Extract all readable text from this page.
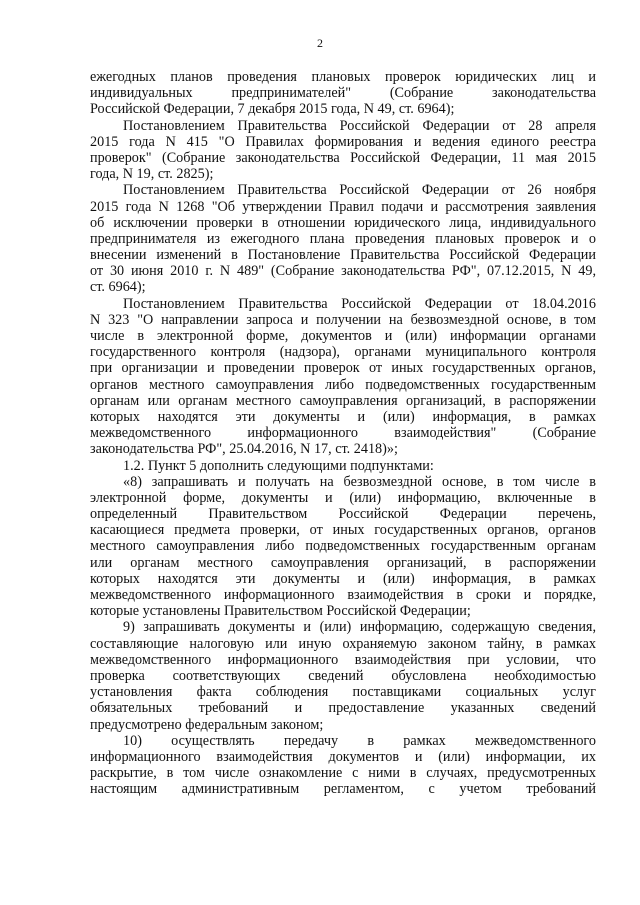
2
ежегодных планов проведения плановых проверок юридических лиц и
индивидуальных предпринимателей" (Собрание законодательства
Российской Федерации, 7 декабря 2015 года, N 49, ст. 6964);
Постановлением Правительства Российской Федерации от 28 апреля
2015 года N 415 "О Правилах формирования и ведения единого реестра
проверок" (Собрание законодательства Российской Федерации, 11 мая 2015
года, N 19, ст. 2825);
Постановлением Правительства Российской Федерации от 26 ноября
2015 года N 1268 "Об утверждении Правил подачи и рассмотрения заявления
об исключении проверки в отношении юридического лица, индивидуального
предпринимателя из ежегодного плана проведения плановых проверок и о
внесении изменений в Постановление Правительства Российской Федерации
от 30 июня 2010 г. N 489" (Собрание законодательства РФ", 07.12.2015, N 49,
ст. 6964);
Постановлением Правительства Российской Федерации от 18.04.2016
N 323 "О направлении запроса и получении на безвозмездной основе, в том
числе в электронной форме, документов и (или) информации органами
государственного контроля (надзора), органами муниципального контроля
при организации и проведении проверок от иных государственных органов,
органов местного самоуправления либо подведомственных государственным
органам или органам местного самоуправления организаций, в распоряжении
которых находятся эти документы и (или) информация, в рамках
межведомственного информационного взаимодействия" (Собрание
законодательства РФ", 25.04.2016, N 17, ст. 2418)»;
1.2. Пункт 5 дополнить следующими подпунктами:
«8) запрашивать и получать на безвозмездной основе, в том числе в
электронной форме, документы и (или) информацию, включенные в
определенный Правительством Российской Федерации перечень,
касающиеся предмета проверки, от иных государственных органов, органов
местного самоуправления либо подведомственных государственным органам
или органам местного самоуправления организаций, в распоряжении
которых находятся эти документы и (или) информация, в рамках
межведомственного информационного взаимодействия в сроки и порядке,
которые установлены Правительством Российской Федерации;
9) запрашивать документы и (или) информацию, содержащую сведения,
составляющие налоговую или иную охраняемую законом тайну, в рамках
межведомственного информационного взаимодействия при условии, что
проверка соответствующих сведений обусловлена необходимостью
установления факта соблюдения поставщиками социальных услуг
обязательных требований и предоставление указанных сведений
предусмотрено федеральным законом;
10) осуществлять передачу в рамках межведомственного
информационного взаимодействия документов и (или) информации, их
раскрытие, в том числе ознакомление с ними в случаях, предусмотренных
настоящим административным регламентом, с учетом требований
